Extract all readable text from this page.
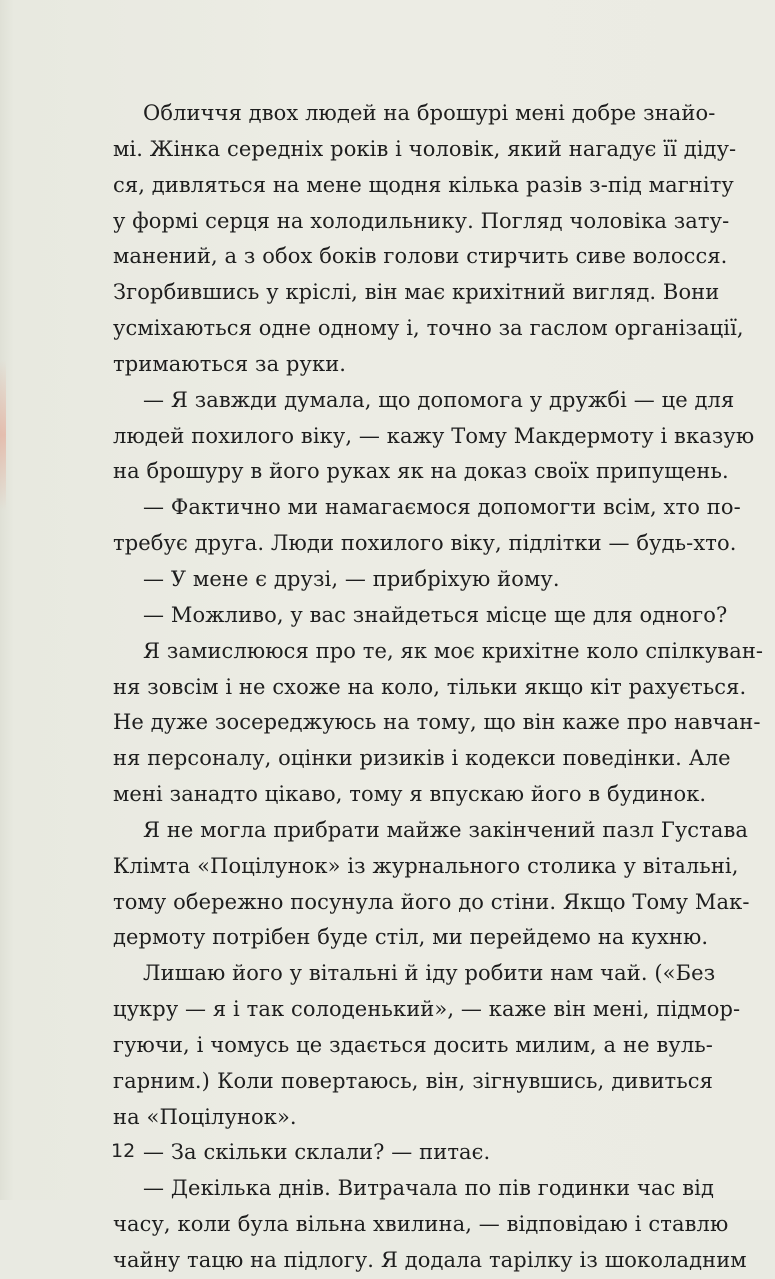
Обличчя двох людей на брошурі мені добре знайо-
мі. Жінка середніх років і чоловік, який нагадує її діду-
ся, дивляться на мене щодня кілька разів з-під магніту
у формі серця на холодильнику. Погляд чоловіка зату-
манений, а з обох боків голови стирчить сиве волосся.
Згорбившись у кріслі, він має крихітний вигляд. Вони
усміхаються одне одному і, точно за гаслом організації,
тримаються за руки.
— Я завжди думала, що допомога у дружбі — це для
людей похилого віку, — кажу Тому Макдермоту і вказую
на брошуру в його руках як на доказ своїх припущень.
— Фактично ми намагаємося допомогти всім, хто по-
требує друга. Люди похилого віку, підлітки — будь-хто.
— У мене є друзі, — прибріхую йому.
— Можливо, у вас знайдеться місце ще для одного?
Я замислююся про те, як моє крихітне коло спілкуван-
ня зовсім і не схоже на коло, тільки якщо кіт рахується.
Не дуже зосереджуюсь на тому, що він каже про навчан-
ня персоналу, оцінки ризиків і кодекси поведінки. Але
мені занадто цікаво, тому я впускаю його в будинок.
Я не могла прибрати майже закінчений пазл Густава
Клімта «Поцілунок» із журнального столика у вітальні,
тому обережно посунула його до стіни. Якщо Тому Мак-
дермоту потрібен буде стіл, ми перейдемо на кухню.
Лишаю його у вітальні й іду робити нам чай. («Без
цукру — я і так солоденький», — каже він мені, підмор-
гуючи, і чомусь це здається досить милим, а не вуль-
гарним.) Коли повертаюсь, він, зігнувшись, дивиться
на «Поцілунок».
— За скільки склали? — питає.
— Декілька днів. Витрачала по пів годинки час від
часу, коли була вільна хвилина, — відповідаю і ставлю
чайну тацю на підлогу. Я додала тарілку із шоколадним
12
